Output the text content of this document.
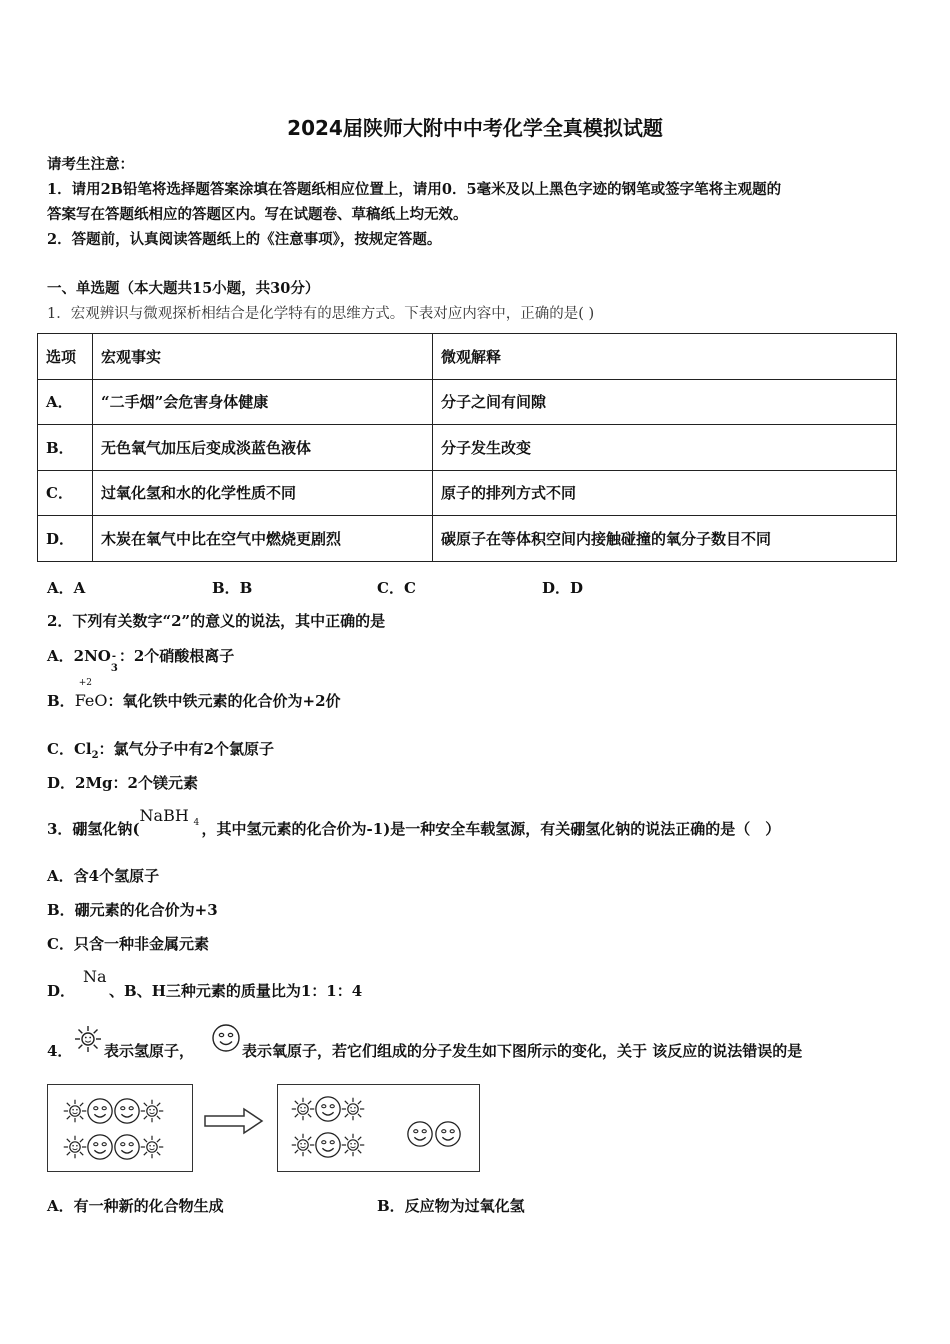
2024届陕师大附中中考化学全真模拟试题
请考生注意：
1．请用2B铅笔将选择题答案涂填在答题纸相应位置上，请用0．5毫米及以上黑色字迹的钢笔或签字笔将主观题的
答案写在答题纸相应的答题区内。写在试题卷、草稿纸上均无效。
2．答题前，认真阅读答题纸上的《注意事项》，按规定答题。
一、单选题（本大题共15小题，共30分）
1．宏观辨识与微观探析相结合是化学特有的思维方式。下表对应内容中，正确的是( )
选项	宏观事实	微观解释
A．	“二手烟”会危害身体健康	分子之间有间隙
B．	无色氧气加压后变成淡蓝色液体	分子发生改变
C．	过氧化氢和水的化学性质不同	原子的排列方式不同
D．	木炭在氧气中比在空气中燃烧更剧烈	碳原子在等体积空间内接触碰撞的氧分子数目不同
A．A	B．B	C．C	D．D
2．下列有关数字“2”的意义的说法，其中正确的是
A．2NO -
3
：2个硝酸根离子
B．
+2
FeO：氧化铁中铁元素的化合价为+2价
C．$Cl_2$：氯气分子中有2个氯原子
D．2Mg：2个镁元素
3．硼氢化钠(
NaBH 4 ，其中氢元素的化合价为-1)是一种安全车载氢源，有关硼氢化钠的说法正确的是（　）
A．含4个氢原子
B．硼元素的化合价为+3
C．只含一种非金属元素
D．
Na
、B、H三种元素的质量比为1：1：4
4． 表示氢原子，	表示氧原子，若它们组成的分子发生如下图所示的变化，关于 该反应的说法错误的是
A．有一种新的化合物生成	B．反应物为过氧化氢
